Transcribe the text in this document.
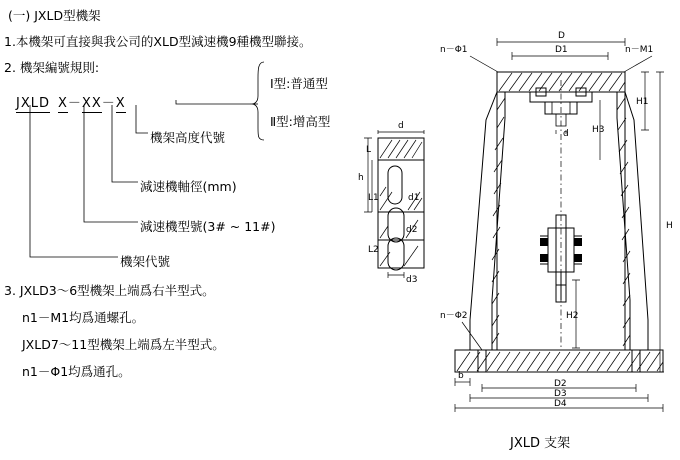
(一) JXLD型機架
1.本機架可直接與我公司的XLD型減速機9種機型聯接。
2. 機架編號規則:
JXLD X－XX－X
機架高度代號
減速機軸徑(mm)
減速機型號(3# ~ 11#)
機架代號
Ⅰ型:普通型
Ⅱ型:增高型
3. JXLD3～6型機架上端爲右半型式。
n1－M1均爲通螺孔。
JXLD7～11型機架上端爲左半型式。
n1－Φ1均爲通孔。
JXLD 支架
h
d
L
L1
L2
d1
d2
d3
n－Φ1	n－M1
D1
D
H1
H3
H
H2
n－Φ2
b
D2
D3
D4
d
